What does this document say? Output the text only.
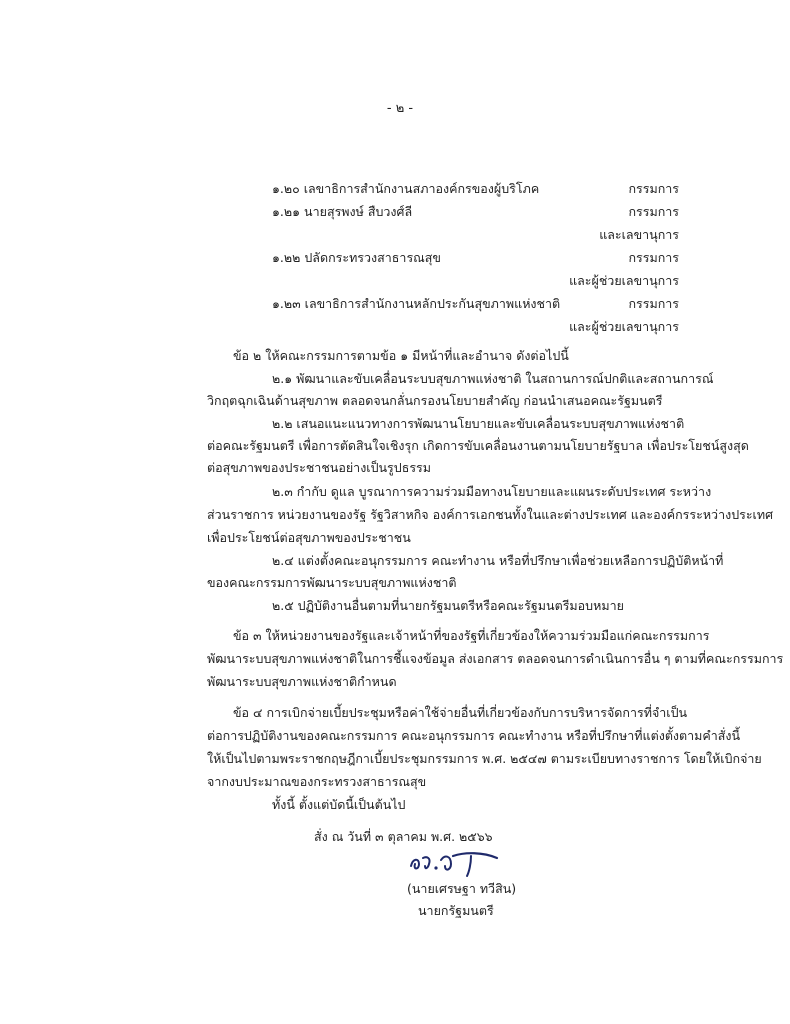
- ๒ -
๑.๒๐ เลขาธิการสำนักงานสภาองค์กรของผู้บริโภค	กรรมการ
๑.๒๑ นายสุรพงษ์ สืบวงศ์ลี	กรรมการ
และเลขานุการ
๑.๒๒ ปลัดกระทรวงสาธารณสุข	กรรมการ
และผู้ช่วยเลขานุการ
๑.๒๓ เลขาธิการสำนักงานหลักประกันสุขภาพแห่งชาติ	กรรมการ
และผู้ช่วยเลขานุการ
ข้อ ๒ ให้คณะกรรมการตามข้อ ๑ มีหน้าที่และอำนาจ ดังต่อไปนี้
๒.๑ พัฒนาและขับเคลื่อนระบบสุขภาพแห่งชาติ ในสถานการณ์ปกติและสถานการณ์
วิกฤตฉุกเฉินด้านสุขภาพ ตลอดจนกลั่นกรองนโยบายสำคัญ ก่อนนำเสนอคณะรัฐมนตรี
๒.๒ เสนอแนะแนวทางการพัฒนานโยบายและขับเคลื่อนระบบสุขภาพแห่งชาติ
ต่อคณะรัฐมนตรี เพื่อการตัดสินใจเชิงรุก เกิดการขับเคลื่อนงานตามนโยบายรัฐบาล เพื่อประโยชน์สูงสุด
ต่อสุขภาพของประชาชนอย่างเป็นรูปธรรม
๒.๓ กำกับ ดูแล บูรณาการความร่วมมือทางนโยบายและแผนระดับประเทศ ระหว่าง
ส่วนราชการ หน่วยงานของรัฐ รัฐวิสาหกิจ องค์การเอกชนทั้งในและต่างประเทศ และองค์กรระหว่างประเทศ
เพื่อประโยชน์ต่อสุขภาพของประชาชน
๒.๔ แต่งตั้งคณะอนุกรรมการ คณะทำงาน หรือที่ปรึกษาเพื่อช่วยเหลือการปฏิบัติหน้าที่
ของคณะกรรมการพัฒนาระบบสุขภาพแห่งชาติ
๒.๕ ปฏิบัติงานอื่นตามที่นายกรัฐมนตรีหรือคณะรัฐมนตรีมอบหมาย
ข้อ ๓ ให้หน่วยงานของรัฐและเจ้าหน้าที่ของรัฐที่เกี่ยวข้องให้ความร่วมมือแก่คณะกรรมการ
พัฒนาระบบสุขภาพแห่งชาติในการชี้แจงข้อมูล ส่งเอกสาร ตลอดจนการดำเนินการอื่น ๆ ตามที่คณะกรรมการ
พัฒนาระบบสุขภาพแห่งชาติกำหนด
ข้อ ๔ การเบิกจ่ายเบี้ยประชุมหรือค่าใช้จ่ายอื่นที่เกี่ยวข้องกับการบริหารจัดการที่จำเป็น
ต่อการปฏิบัติงานของคณะกรรมการ คณะอนุกรรมการ คณะทำงาน หรือที่ปรึกษาที่แต่งตั้งตามคำสั่งนี้
ให้เป็นไปตามพระราชกฤษฎีกาเบี้ยประชุมกรรมการ พ.ศ. ๒๕๔๗ ตามระเบียบทางราชการ โดยให้เบิกจ่าย
จากงบประมาณของกระทรวงสาธารณสุข
ทั้งนี้ ตั้งแต่บัดนี้เป็นต้นไป
สั่ง ณ วันที่ ๓ ตุลาคม พ.ศ. ๒๕๖๖
(นายเศรษฐา ทวีสิน)
นายกรัฐมนตรี
